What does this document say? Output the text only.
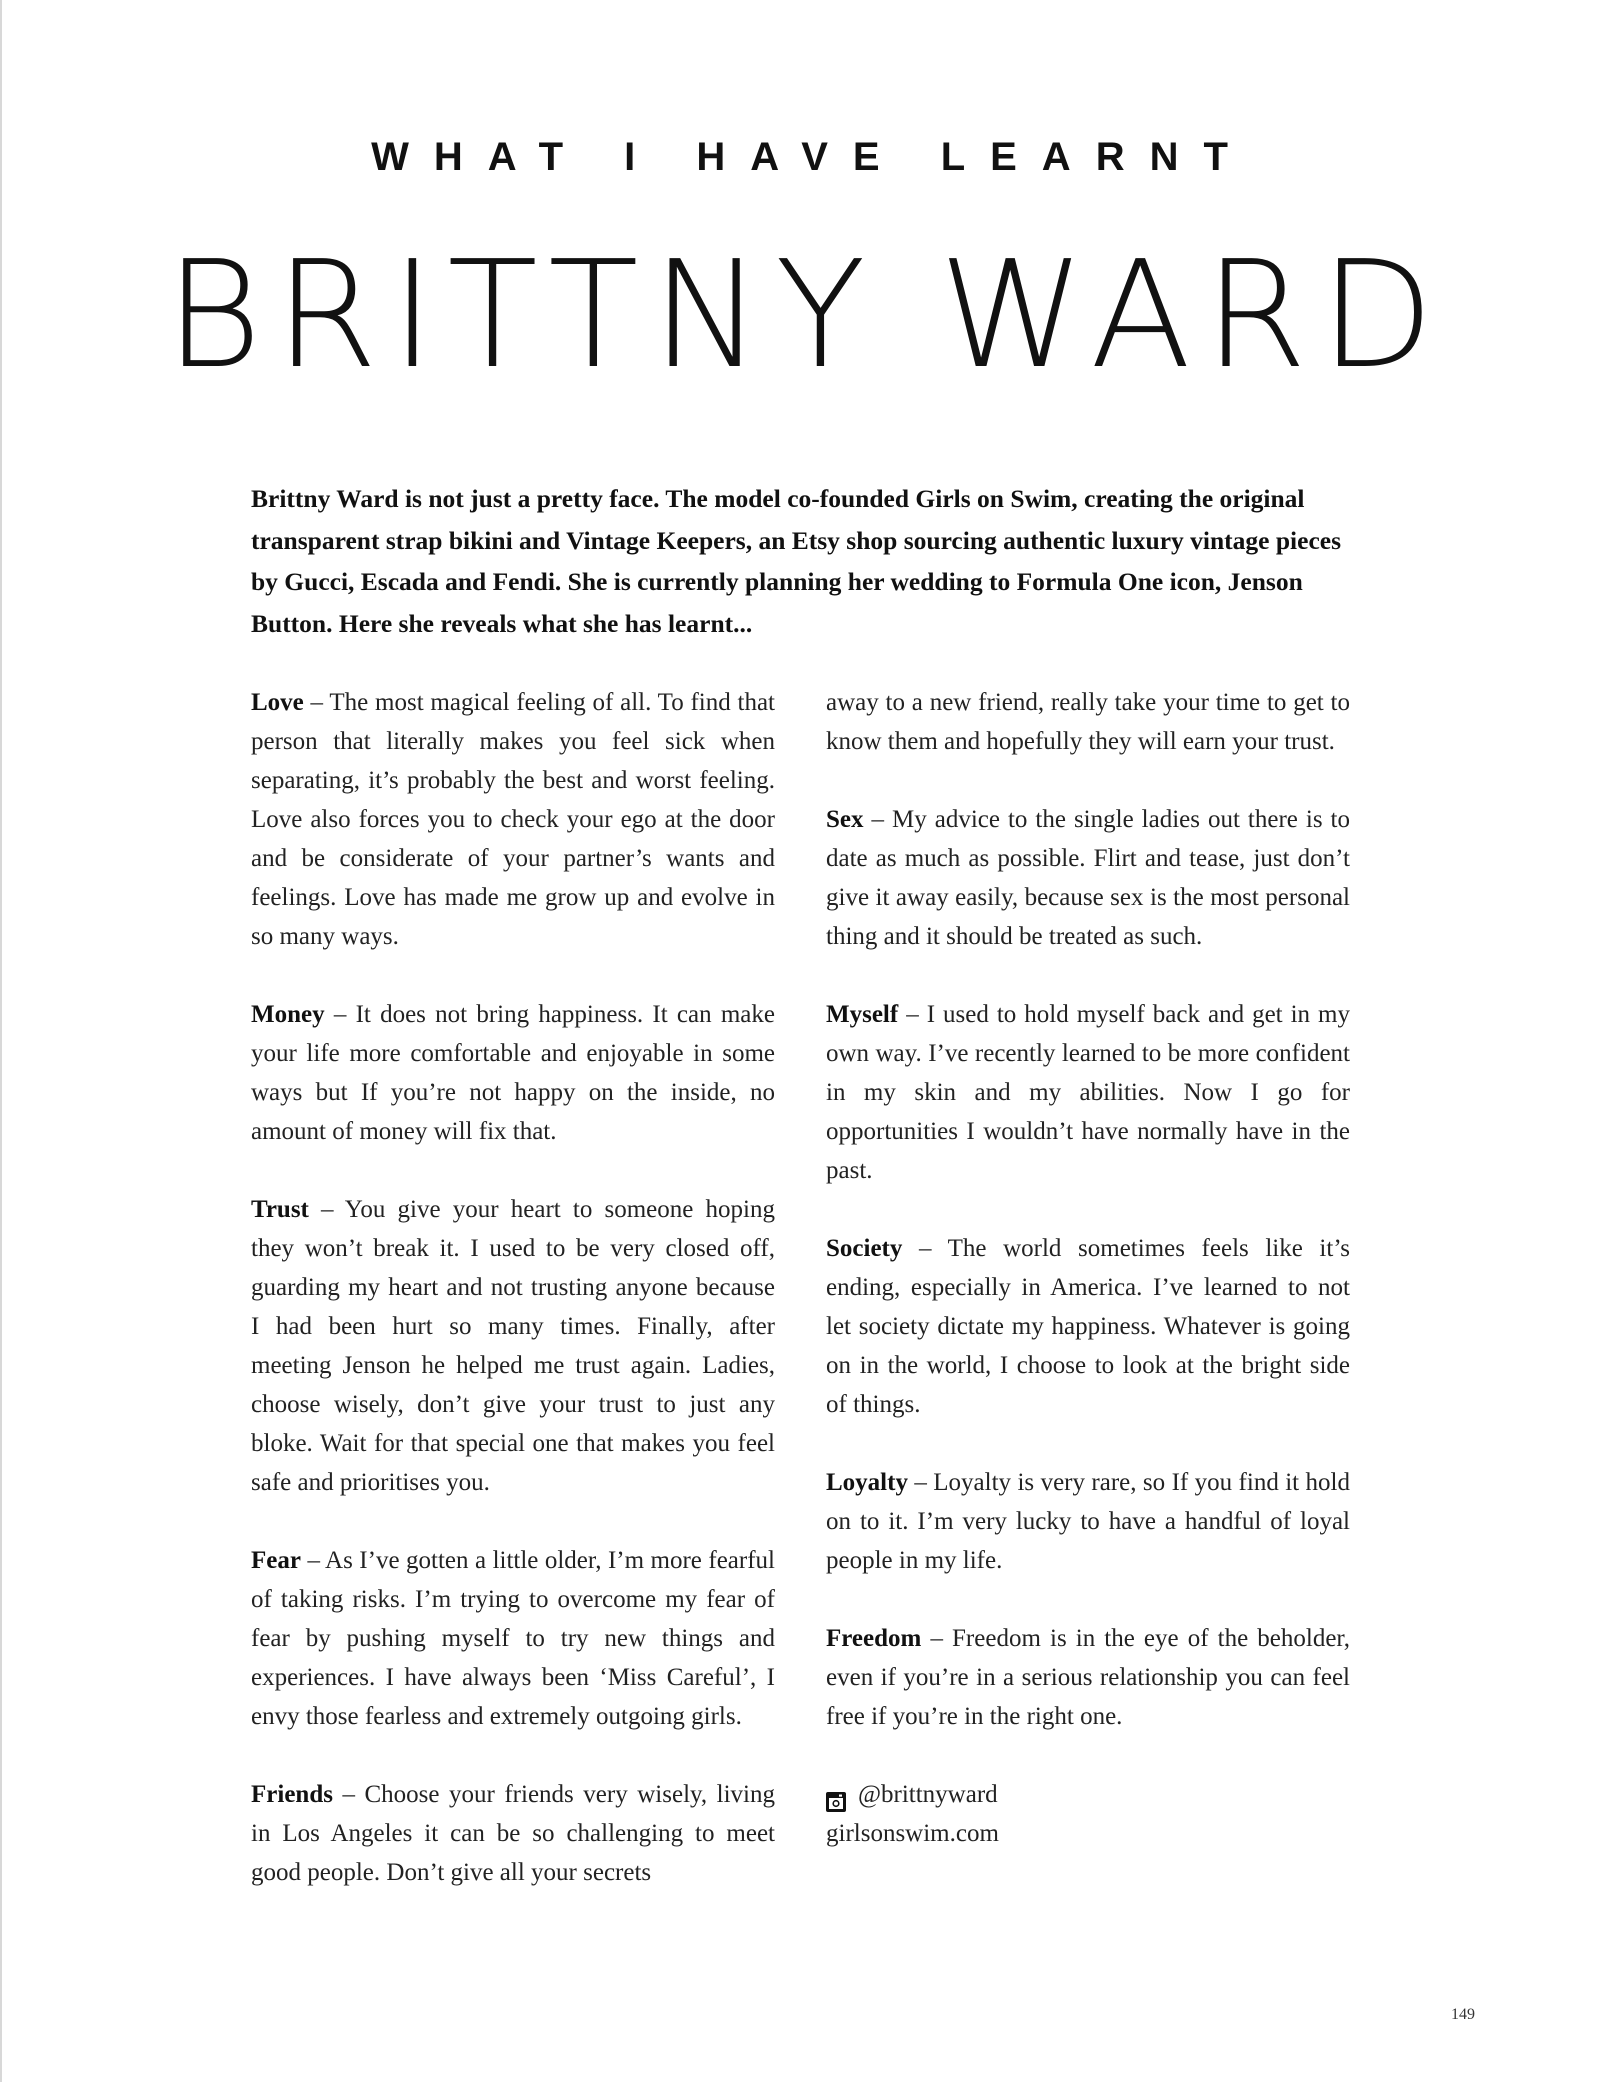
WHAT I HAVE LEARNT
BRITTNY WARD
Brittny Ward is not just a pretty face. The model co-founded Girls on Swim, creating the original transparent strap bikini and Vintage Keepers, an Etsy shop sourcing authentic luxury vintage pieces by Gucci, Escada and Fendi. She is currently planning her wedding to Formula One icon, Jenson Button. Here she reveals what she has learnt...

Love – The most magical feeling of all. To find that person that literally makes you feel sick when separating, it’s probably the best and worst feeling. Love also forces you to check your ego at the door and be considerate of your partner’s wants and feelings. Love has made me grow up and evolve in so many ways.

Money – It does not bring happiness. It can make your life more comfortable and enjoyable in some ways but If you’re not happy on the inside, no amount of money will fix that.

Trust – You give your heart to someone hoping they won’t break it. I used to be very closed off, guarding my heart and not trusting anyone because I had been hurt so many times. Finally, after meeting Jenson he helped me trust again. Ladies, choose wisely, don’t give your trust to just any bloke. Wait for that special one that makes you feel safe and prioritises you.

Fear – As I’ve gotten a little older, I’m more fearful of taking risks. I’m trying to overcome my fear of fear by pushing myself to try new things and experiences. I have always been ‘Miss Careful’, I envy those fearless and extremely outgoing girls.

Friends – Choose your friends very wisely, living in Los Angeles it can be so challenging to meet good people. Don’t give all your secrets

away to a new friend, really take your time to get to know them and hopefully they will earn your trust.

Sex – My advice to the single ladies out there is to date as much as possible. Flirt and tease, just don’t give it away easily, because sex is the most personal thing and it should be treated as such.

Myself – I used to hold myself back and get in my own way. I’ve recently learned to be more confident in my skin and my abilities. Now I go for opportunities I wouldn’t have normally have in the past.

Society – The world sometimes feels like it’s ending, especially in America. I’ve learned to not let society dictate my happiness. Whatever is going on in the world, I choose to look at the bright side of things.

Loyalty – Loyalty is very rare, so If you find it hold on to it. I’m very lucky to have a handful of loyal people in my life.

Freedom – Freedom is in the eye of the beholder, even if you’re in a serious relationship you can feel free if you’re in the right one.

@brittnyward
girlsonswim.com
149
